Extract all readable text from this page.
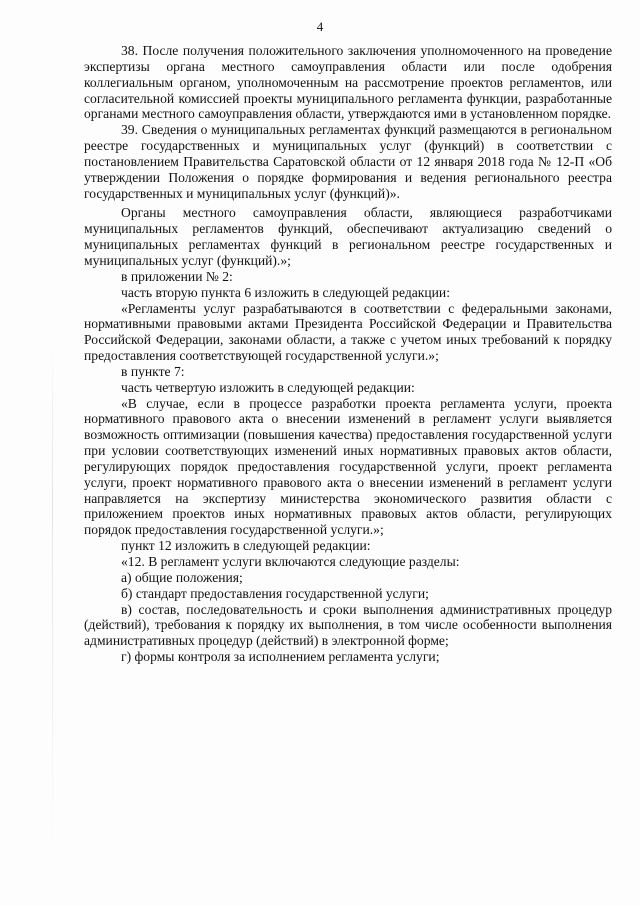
4

38. После получения положительного заключения уполномоченного на проведение экспертизы органа местного самоуправления области или после одобрения коллегиальным органом, уполномоченным на рассмотрение проектов регламентов, или согласительной комиссией проекты муниципального регламента функции, разработанные органами местного самоуправления области, утверждаются ими в установленном порядке.

39. Сведения о муниципальных регламентах функций размещаются в региональном реестре государственных и муниципальных услуг (функций) в соответствии с постановлением Правительства Саратовской области от 12 января 2018 года № 12-П «Об утверждении Положения о порядке формирования и ведения регионального реестра государственных и муниципальных услуг (функций)».

Органы местного самоуправления области, являющиеся разработчиками муниципальных регламентов функций, обеспечивают актуализацию сведений о муниципальных регламентах функций в региональном реестре государственных и муниципальных услуг (функций).»;

в приложении № 2:

часть вторую пункта 6 изложить в следующей редакции:

«Регламенты услуг разрабатываются в соответствии с федеральными законами, нормативными правовыми актами Президента Российской Федерации и Правительства Российской Федерации, законами области, а также с учетом иных требований к порядку предоставления соответствующей государственной услуги.»;

в пункте 7:

часть четвертую изложить в следующей редакции:

«В случае, если в процессе разработки проекта регламента услуги, проекта нормативного правового акта о внесении изменений в регламент услуги выявляется возможность оптимизации (повышения качества) предоставления государственной услуги при условии соответствующих изменений иных нормативных правовых актов области, регулирующих порядок предоставления государственной услуги, проект регламента услуги, проект нормативного правового акта о внесении изменений в регламент услуги направляется на экспертизу министерства экономического развития области с приложением проектов иных нормативных правовых актов области, регулирующих порядок предоставления государственной услуги.»;

пункт 12 изложить в следующей редакции:

«12. В регламент услуги включаются следующие разделы:

а) общие положения;

б) стандарт предоставления государственной услуги;

в) состав, последовательность и сроки выполнения административных процедур (действий), требования к порядку их выполнения, в том числе особенности выполнения административных процедур (действий) в электронной форме;

г) формы контроля за исполнением регламента услуги;
